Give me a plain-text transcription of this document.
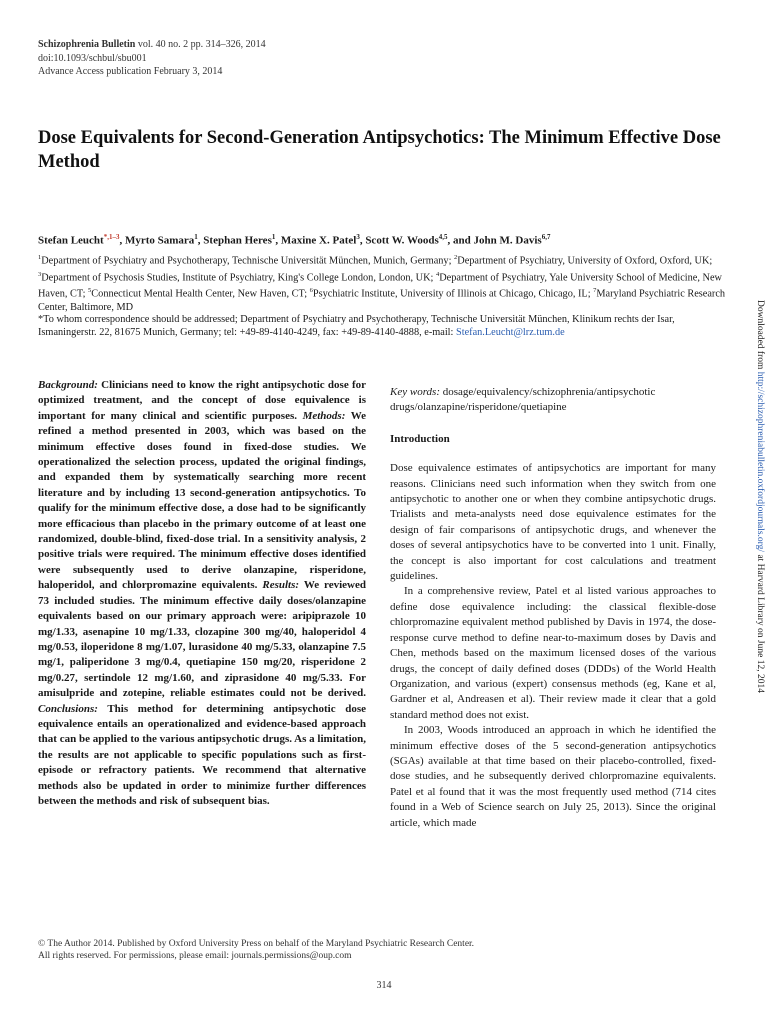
Schizophrenia Bulletin vol. 40 no. 2 pp. 314–326, 2014
doi:10.1093/schbul/sbu001
Advance Access publication February 3, 2014
Dose Equivalents for Second-Generation Antipsychotics: The Minimum Effective Dose Method
Stefan Leucht$^{*,1-3}$, Myrto Samara$^1$, Stephan Heres$^1$, Maxine X. Patel$^3$, Scott W. Woods$^{4,5}$, and John M. Davis$^{6,7}$
$^1$Department of Psychiatry and Psychotherapy, Technische Universität München, Munich, Germany; $^2$Department of Psychiatry, University of Oxford, Oxford, UK; $^3$Department of Psychosis Studies, Institute of Psychiatry, King's College London, London, UK; $^4$Department of Psychiatry, Yale University School of Medicine, New Haven, CT; $^5$Connecticut Mental Health Center, New Haven, CT; $^6$Psychiatric Institute, University of Illinois at Chicago, Chicago, IL; $^7$Maryland Psychiatric Research Center, Baltimore, MD
*To whom correspondence should be addressed; Department of Psychiatry and Psychotherapy, Technische Universität München, Klinikum rechts der Isar, Ismaningerstr. 22, 81675 Munich, Germany; tel: +49-89-4140-4249, fax: +49-89-4140-4888, e-mail: Stefan.Leucht@lrz.tum.de

Background: Clinicians need to know the right antipsychotic dose for optimized treatment, and the concept of dose equivalence is important for many clinical and scientific purposes. Methods: We refined a method presented in 2003, which was based on the minimum effective doses found in fixed-dose studies. We operationalized the selection process, updated the original findings, and expanded them by systematically searching more recent literature and by including 13 second-generation antipsychotics. To qualify for the minimum effective dose, a dose had to be significantly more efficacious than placebo in the primary outcome of at least one randomized, double-blind, fixed-dose trial. In a sensitivity analysis, 2 positive trials were required. The minimum effective doses identified were subsequently used to derive olanzapine, risperidone, haloperidol, and chlorpromazine equivalents. Results: We reviewed 73 included studies. The minimum effective daily doses/olanzapine equivalents based on our primary approach were: aripiprazole 10 mg/1.33, asenapine 10 mg/1.33, clozapine 300 mg/40, haloperidol 4 mg/0.53, iloperidone 8 mg/1.07, lurasidone 40 mg/5.33, olanzapine 7.5 mg/1, paliperidone 3 mg/0.4, quetiapine 150 mg/20, risperidone 2 mg/0.27, sertindole 12 mg/1.60, and ziprasidone 40 mg/5.33. For amisulpride and zotepine, reliable estimates could not be derived. Conclusions: This method for determining antipsychotic dose equivalence entails an operationalized and evidence-based approach that can be applied to the various antipsychotic drugs. As a limitation, the results are not applicable to specific populations such as first-episode or refractory patients. We recommend that alternative methods also be updated in order to minimize further differences between the methods and risk of subsequent bias.

Key words: dosage/equivalency/schizophrenia/antipsychotic drugs/olanzapine/risperidone/quetiapine

Introduction

Dose equivalence estimates of antipsychotics are important for many reasons. Clinicians need such information when they switch from one antipsychotic to another one or when they combine antipsychotic drugs. Trialists and meta-analysts need dose equivalence estimates for the design of fair comparisons of antipsychotic drugs, and whenever the doses of several antipsychotics have to be converted into 1 unit. Finally, the concept is also important for cost calculations and treatment guidelines.

In a comprehensive review, Patel et al listed various approaches to define dose equivalence including: the classical flexible-dose chlorpromazine equivalent method published by Davis in 1974, the dose-response curve method to define near-to-maximum doses by Davis and Chen, methods based on the maximum licensed doses of the various drugs, the concept of daily defined doses (DDDs) of the World Health Organization, and various (expert) consensus methods (eg, Kane et al, Gardner et al, Andreasen et al). Their review made it clear that a gold standard method does not exist.

In 2003, Woods introduced an approach in which he identified the minimum effective doses of the 5 second-generation antipsychotics (SGAs) available at that time based on their placebo-controlled, fixed-dose studies, and he subsequently derived chlorpromazine equivalents. Patel et al found that it was the most frequently used method (714 cites found in a Web of Science search on July 25, 2013). Since the original article, which made

Downloaded from http://schizophreniabulletin.oxfordjournals.org/ at Harvard Library on June 12, 2014
© The Author 2014. Published by Oxford University Press on behalf of the Maryland Psychiatric Research Center.
All rights reserved. For permissions, please email: journals.permissions@oup.com
314
